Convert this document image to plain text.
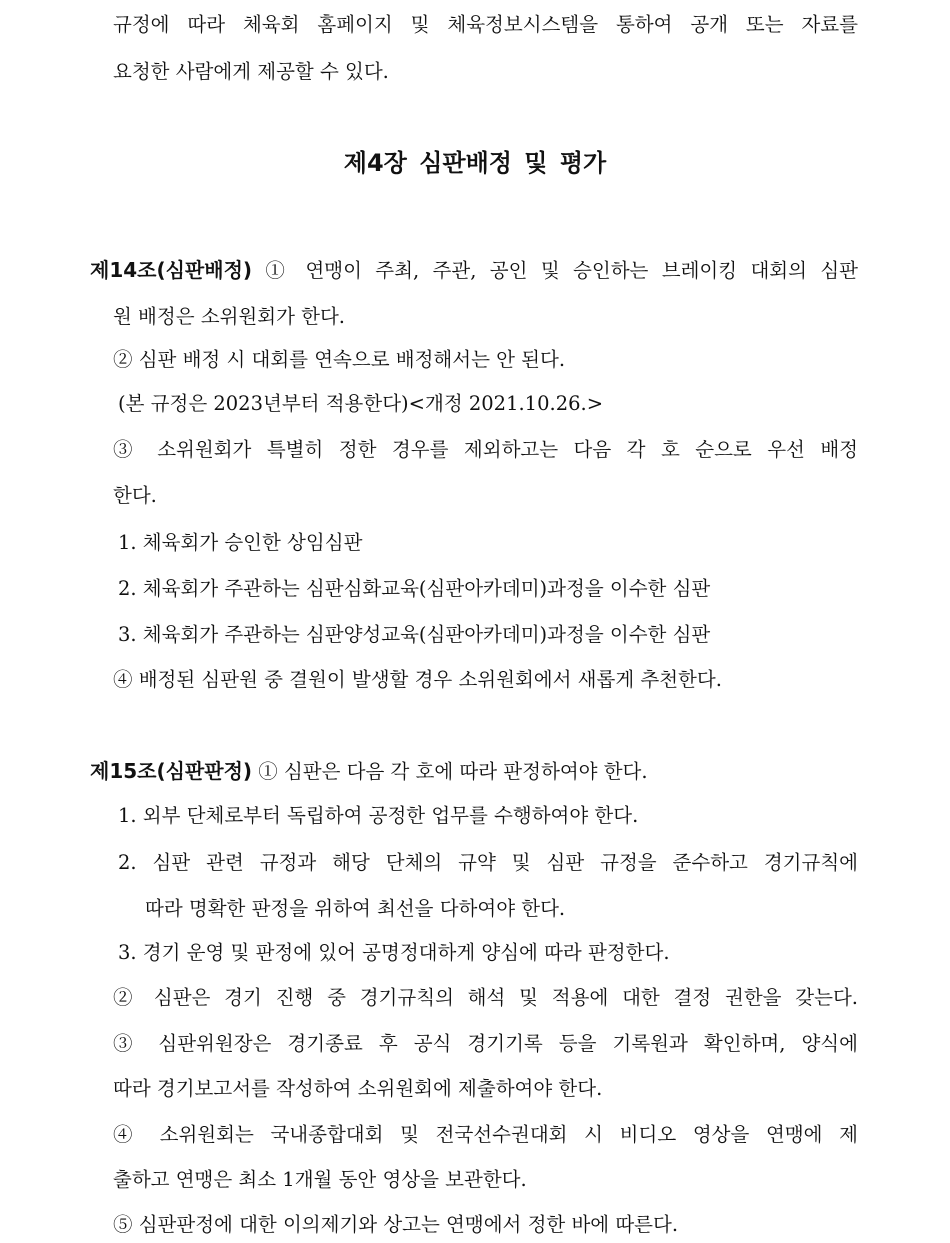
규정에 따라 체육회 홈페이지 및 체육정보시스템을 통하여 공개 또는 자료를
요청한 사람에게 제공할 수 있다.
제4장 심판배정 및 평가
제14조(심판배정) ① 연맹이 주최, 주관, 공인 및 승인하는 브레이킹 대회의 심판
원 배정은 소위원회가 한다.
② 심판 배정 시 대회를 연속으로 배정해서는 안 된다.
(본 규정은 2023년부터 적용한다)<개정 2021.10.26.>
③ 소위원회가 특별히 정한 경우를 제외하고는 다음 각 호 순으로 우선 배정
한다.
1. 체육회가 승인한 상임심판
2. 체육회가 주관하는 심판심화교육(심판아카데미)과정을 이수한 심판
3. 체육회가 주관하는 심판양성교육(심판아카데미)과정을 이수한 심판
④ 배정된 심판원 중 결원이 발생할 경우 소위원회에서 새롭게 추천한다.
제15조(심판판정) ① 심판은 다음 각 호에 따라 판정하여야 한다.
1. 외부 단체로부터 독립하여 공정한 업무를 수행하여야 한다.
2. 심판 관련 규정과 해당 단체의 규약 및 심판 규정을 준수하고 경기규칙에
따라 명확한 판정을 위하여 최선을 다하여야 한다.
3. 경기 운영 및 판정에 있어 공명정대하게 양심에 따라 판정한다.
② 심판은 경기 진행 중 경기규칙의 해석 및 적용에 대한 결정 권한을 갖는다.
③ 심판위원장은 경기종료 후 공식 경기기록 등을 기록원과 확인하며, 양식에
따라 경기보고서를 작성하여 소위원회에 제출하여야 한다.
④ 소위원회는 국내종합대회 및 전국선수권대회 시 비디오 영상을 연맹에 제
출하고 연맹은 최소 1개월 동안 영상을 보관한다.
⑤ 심판판정에 대한 이의제기와 상고는 연맹에서 정한 바에 따른다.
